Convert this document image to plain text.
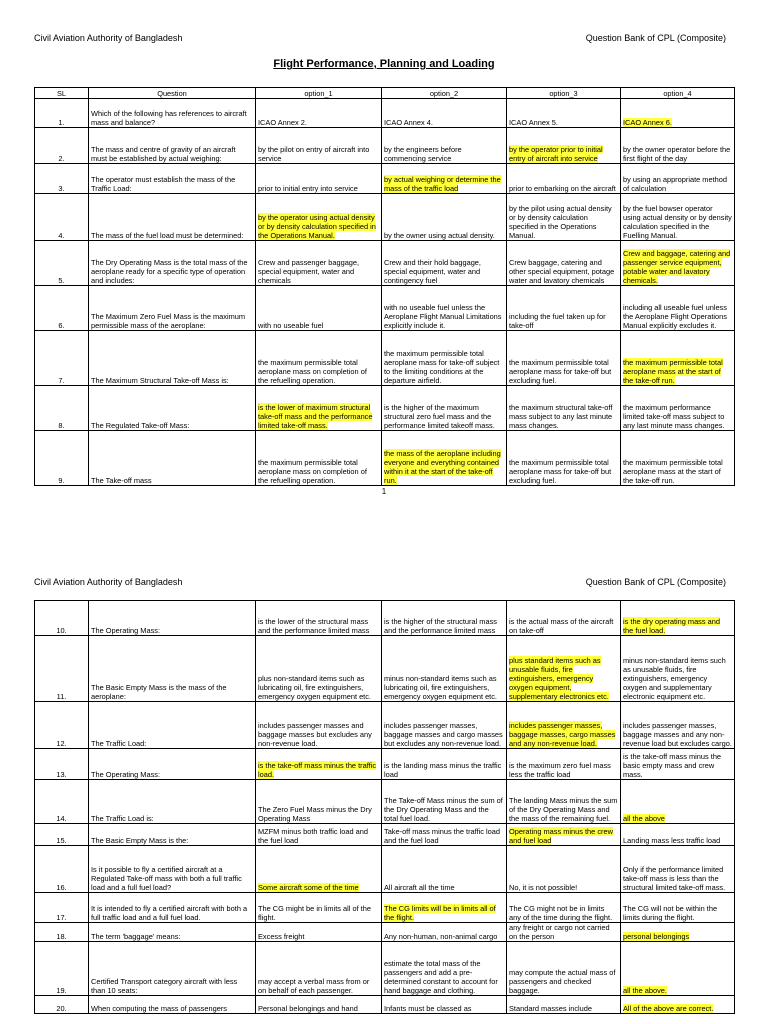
Civil Aviation Authority of Bangladesh	Question Bank of CPL (Composite)
Flight Performance, Planning and Loading
SL	Question	option_1	option_2	option_3	option_4
1.	Which of the following has references to aircraft mass and balance?	ICAO Annex 2.	ICAO Annex 4.	ICAO Annex 5.	ICAO Annex 6.
2.	The mass and centre of gravity of an aircraft must be established by actual weighing:	by the pilot on entry of aircraft into service	by the engineers before commencing service	by the operator prior to initial entry of aircraft into service	by the owner operator before the first flight of the day
3.	The operator must establish the mass of the Traffic Load:	prior to initial entry into service	by actual weighing or determine the mass of the traffic load	prior to embarking on the aircraft	by using an appropriate method of calculation
4.	The mass of the fuel load must be determined:	by the operator using actual density or by density calculation specified in the Operations Manual.	by the owner using actual density.	by the pilot using actual density or by density calculation specified in the Operations Manual.	by the fuel bowser operator using actual density or by density calculation specified in the Fuelling Manual.
5.	The Dry Operating Mass is the total mass of the aeroplane ready for a specific type of operation and includes:	Crew and passenger baggage, special equipment, water and chemicals	Crew and their hold baggage, special equipment, water and contingency fuel	Crew baggage, catering and other special equipment, potage water and lavatory chemicals	Crew and baggage, catering and passenger service equipment, potable water and lavatory chemicals.
6.	The Maximum Zero Fuel Mass is the maximum permissible mass of the aeroplane:	with no useable fuel	with no useable fuel unless the Aeroplane Flight Manual Limitations explicitly include it.	including the fuel taken up for take-off	including all useable fuel unless the Aeroplane Flight Operations Manual explicitly excludes it.
7.	The Maximum Structural Take-off Mass is:	the maximum permissible total aeroplane mass on completion of the refuelling operation.	the maximum permissible total aeroplane mass for take-off subject to the limiting conditions at the departure airfield.	the maximum permissible total aeroplane mass for take-off but excluding fuel.	the maximum permissible total aeroplane mass at the start of the take-off run.
8.	The Regulated Take-off Mass:	is the lower of maximum structural take-off mass and the performance limited take-off mass.	is the higher of the maximum structural zero fuel mass and the performance limited takeoff mass.	the maximum structural take-off mass subject to any last minute mass changes.	the maximum performance limited take-off mass subject to any last minute mass changes.
9.	The Take-off mass	the maximum permissible total aeroplane mass on completion of the refuelling operation.	the mass of the aeroplane including everyone and everything contained within it at the start of the take-off run.	the maximum permissible total aeroplane mass for take-off but excluding fuel.	the maximum permissible total aeroplane mass at the start of the take-off run.
1
Civil Aviation Authority of Bangladesh	Question Bank of CPL (Composite)
10.	The Operating Mass:	is the lower of the structural mass and the performance limited mass	is the higher of the structural mass and the performance limited mass	is the actual mass of the aircraft on take-off	is the dry operating mass and the fuel load.
11.	The Basic Empty Mass is the mass of the aeroplane:	plus non-standard items such as lubricating oil, fire extinguishers, emergency oxygen equipment etc.	minus non-standard items such as lubricating oil, fire extinguishers, emergency oxygen equipment etc.	plus standard items such as unusable fluids, fire extinguishers, emergency oxygen equipment, supplementary electronics etc.	minus non-standard items such as unusable fluids, fire extinguishers, emergency oxygen and supplementary electronic equipment etc.
12.	The Traffic Load:	includes passenger masses and baggage masses but excludes any non-revenue load.	includes passenger masses, baggage masses and cargo masses but excludes any non-revenue load.	includes passenger masses, baggage masses, cargo masses and any non-revenue load.	includes passenger masses, baggage masses and any non-revenue load but excludes cargo.
13.	The Operating Mass:	is the take-off mass minus the traffic load.	is the landing mass minus the traffic load	is the maximum zero fuel mass less the traffic load	is the take-off mass minus the basic empty mass and crew mass.
14.	The Traffic Load is:	The Zero Fuel Mass minus the Dry Operating Mass	The Take-off Mass minus the sum of the Dry Operating Mass and the total fuel load.	The landing Mass minus the sum of the Dry Operating Mass and the mass of the remaining fuel.	all the above
15.	The Basic Empty Mass is the:	MZFM minus both traffic load and the fuel load	Take-off mass minus the traffic load and the fuel load	Operating mass minus the crew and fuel load	Landing mass less traffic load
16.	Is it possible to fly a certified aircraft at a Regulated Take-off mass with both a full traffic load and a full fuel load?	Some aircraft some of the time	All aircraft all the time	No, it is not possible!	Only if the performance limited take-off mass is less than the structural limited take-off mass.
17.	It is intended to fly a certified aircraft with both a full traffic load and a full fuel load.	The CG might be in limits all of the flight.	The CG limits will be in limits all of the flight.	The CG might not be in limits any of the time during the flight.	The CG will not be within the limits during the flight.
18.	The term 'baggage' means:	Excess freight	Any non-human, non-animal cargo	any freight or cargo not carried on the person	personal belongings
19.	Certified Transport category aircraft with less than 10 seats:	may accept a verbal mass from or on behalf of each passenger.	estimate the total mass of the passengers and add a pre-determined constant to account for hand baggage and clothing.	may compute the actual mass of passengers and checked baggage.	all the above.
20.	When computing the mass of passengers	Personal belongings and hand	Infants must be classed as	Standard masses include	All of the above are correct.
